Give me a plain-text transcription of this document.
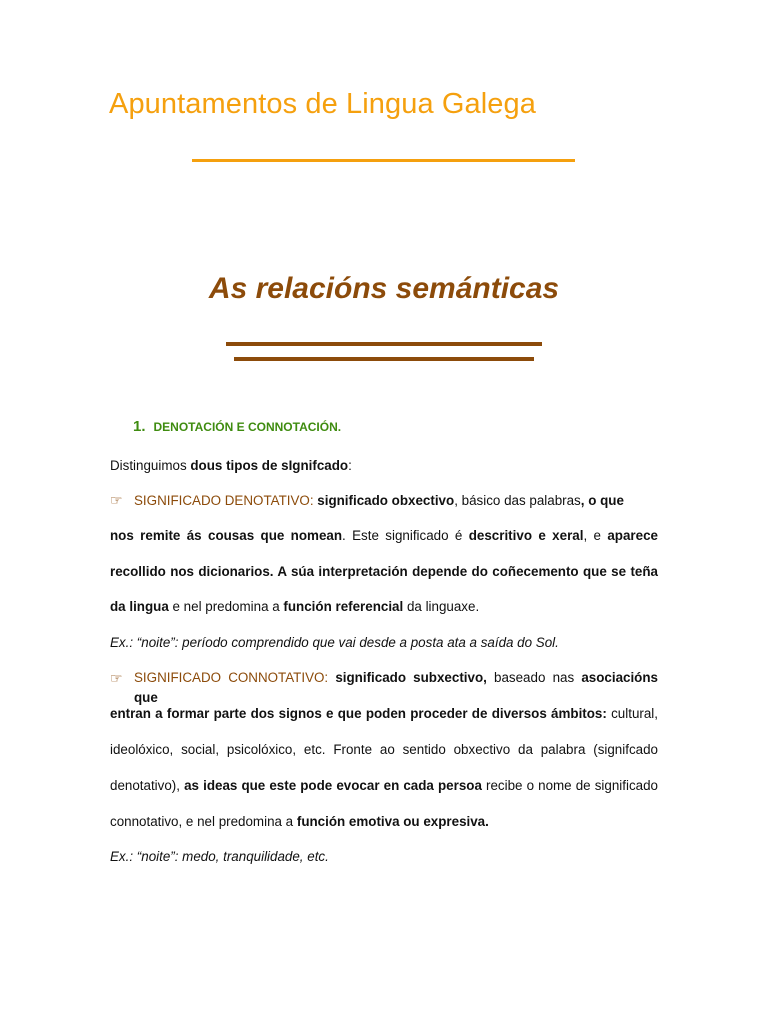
Apuntamentos de Lingua Galega
As relacións semánticas
1. DENOTACIÓN E CONNOTACIÓN.
Distinguimos dous tipos de sIgnifcado:
☞ SIGNIFICADO DENOTATIVO: significado obxectivo, básico das palabras, o que
nos remite ás cousas que nomean. Este significado é descritivo e xeral, e aparece
recollido nos dicionarios. A súa interpretación depende do coñecemento que se teña
da lingua e nel predomina a función referencial da linguaxe.
Ex.: “noite”: período comprendido que vai desde a posta ata a saída do Sol.
☞ SIGNIFICADO CONNOTATIVO: significado subxectivo, baseado nas asociacións que
entran a formar parte dos signos e que poden proceder de diversos ámbitos: cultural,
ideolóxico, social, psicolóxico, etc. Fronte ao sentido obxectivo da palabra (signifcado
denotativo), as ideas que este pode evocar en cada persoa recibe o nome de significado
connotativo, e nel predomina a función emotiva ou expresiva.
Ex.: “noite”: medo, tranquilidade, etc.
